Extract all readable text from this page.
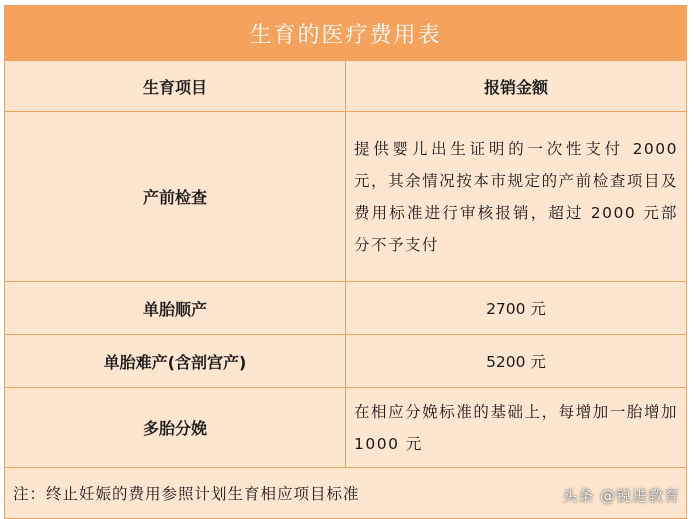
生育的医疗费用表	
生育项目	报销金额
产前检查	提供婴儿出生证明的一次性支付 2000 元，其余情况按本市规定的产前检查项目及费用标准进行审核报销，超过 2000 元部分不予支付
单胎顺产	2700 元
单胎难产(含剖宫产)	5200 元
多胎分娩	在相应分娩标准的基础上，每增加一胎增加 1000 元
注：终止妊娠的费用参照计划生育相应项目标准		头条 @锐进教育
